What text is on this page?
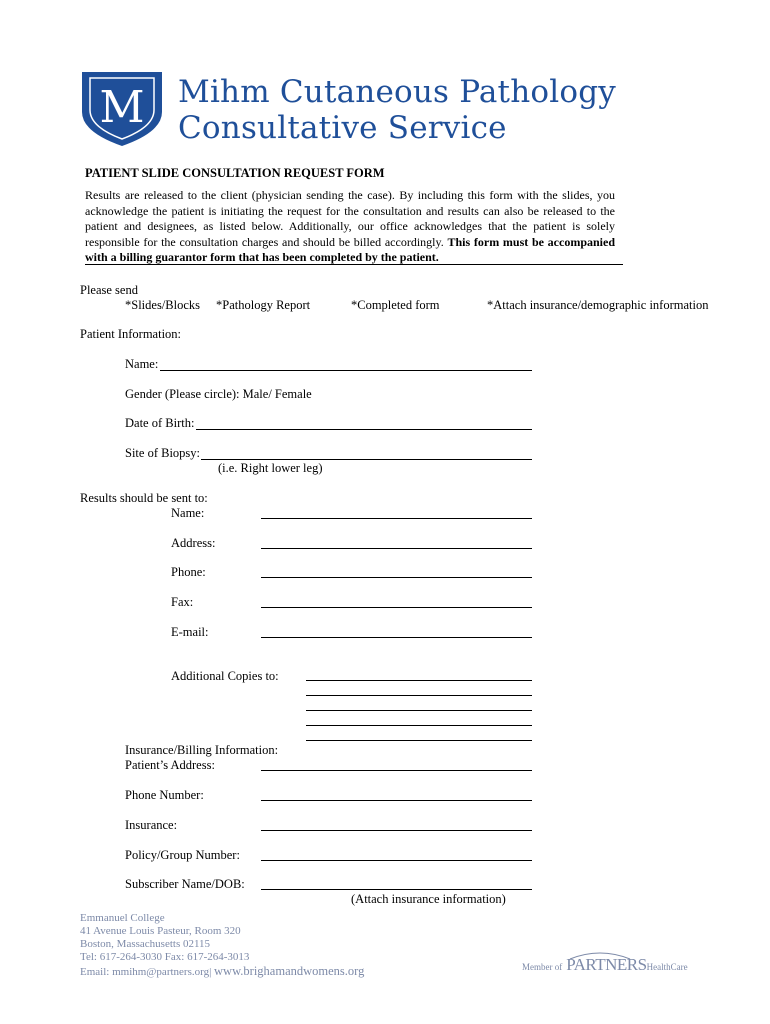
M Mihm Cutaneous Pathology
Consultative Service
PATIENT SLIDE CONSULTATION REQUEST FORM
Results are released to the client (physician sending the case). By including this form with the slides, you acknowledge the patient is initiating the request for the consultation and results can also be released to the patient and designees, as listed below. Additionally, our office acknowledges that the patient is solely responsible for the consultation charges and should be billed accordingly. This form must be accompanied with a billing guarantor form that has been completed by the patient.
Please send
*Slides/Blocks *Pathology Report	*Completed form	*Attach insurance/demographic information
Patient Information:
Name:
Gender (Please circle): Male/ Female
Date of Birth:
Site of Biopsy:
(i.e. Right lower leg)
Results should be sent to:
Name:
Address:
Phone:
Fax:
E-mail:
Additional Copies to:
Insurance/Billing Information:
Patient’s Address:
Phone Number:
Insurance:
Policy/Group Number:
Subscriber Name/DOB:
(Attach insurance information)
Emmanuel College
41 Avenue Louis Pasteur, Room 320
Boston, Massachusetts 02115
Tel: 617-264-3030 Fax: 617-264-3013
Email: mmihm@partners.org| www.brighamandwomens.org	Member of PARTNERSHealthCare
